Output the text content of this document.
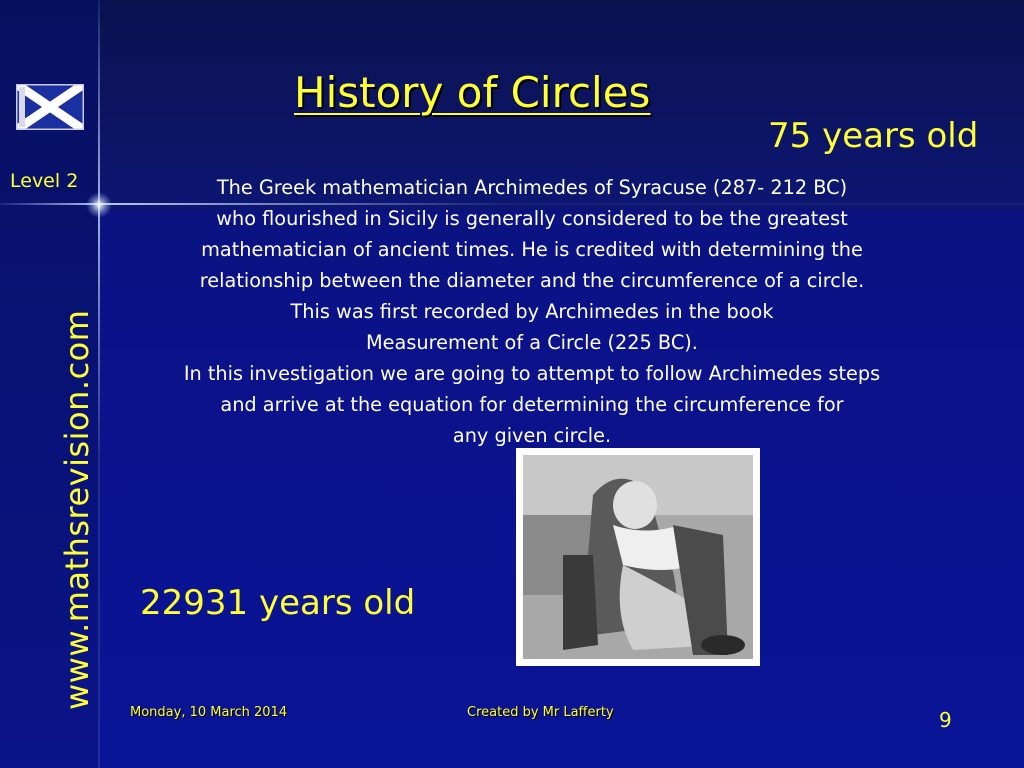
Level 2
www.mathsrevision.com
History of Circles
75 years old
The Greek mathematician Archimedes of Syracuse (287- 212 BC)
who flourished in Sicily is generally considered to be the greatest
mathematician of ancient times. He is credited with determining the
relationship between the diameter and the circumference of a circle.
This was first recorded by Archimedes in the book
Measurement of a Circle (225 BC).
In this investigation we are going to attempt to follow Archimedes steps
and arrive at the equation for determining the circumference for
any given circle.
22931 years old
Monday, 10 March 2014	Created by Mr Lafferty	9
